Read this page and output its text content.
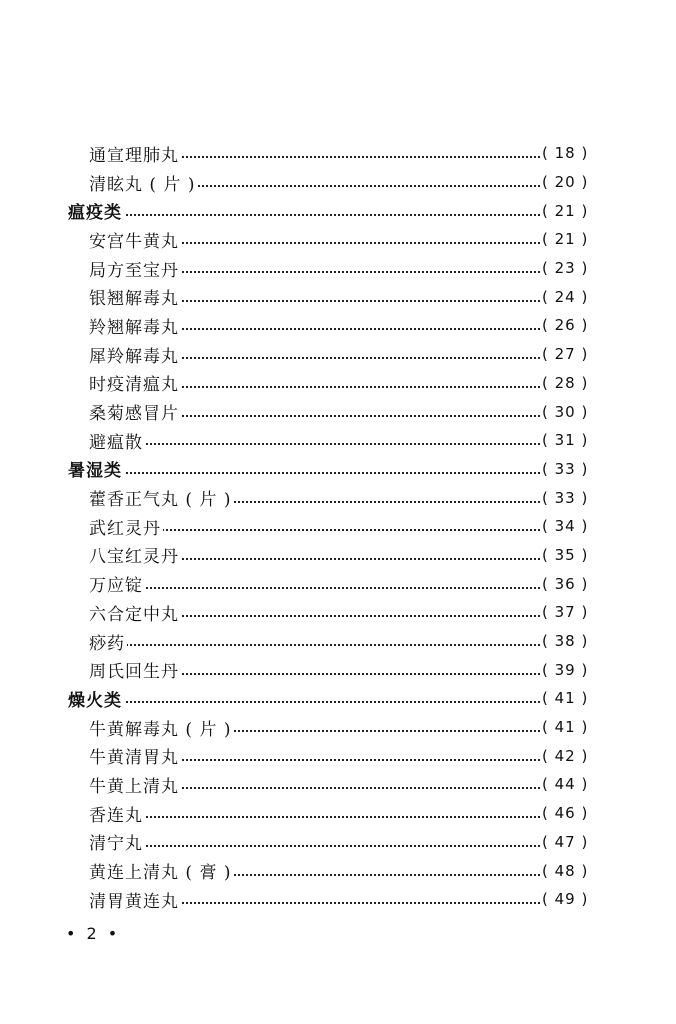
通宣理肺丸	( 18 )
清眩丸 ( 片 )	( 20 )
瘟疫类	( 21 )
安宫牛黄丸	( 21 )
局方至宝丹	( 23 )
银翘解毒丸	( 24 )
羚翘解毒丸	( 26 )
犀羚解毒丸	( 27 )
时疫清瘟丸	( 28 )
桑菊感冒片	( 30 )
避瘟散	( 31 )
暑湿类	( 33 )
藿香正气丸 ( 片 )	( 33 )
武红灵丹	( 34 )
八宝红灵丹	( 35 )
万应锭	( 36 )
六合定中丸	( 37 )
痧药	( 38 )
周氏回生丹	( 39 )
燥火类	( 41 )
牛黄解毒丸 ( 片 )	( 41 )
牛黄清胃丸	( 42 )
牛黄上清丸	( 44 )
香连丸	( 46 )
清宁丸	( 47 )
黄连上清丸 ( 膏 )	( 48 )
清胃黄连丸	( 49 )
• 2 •
